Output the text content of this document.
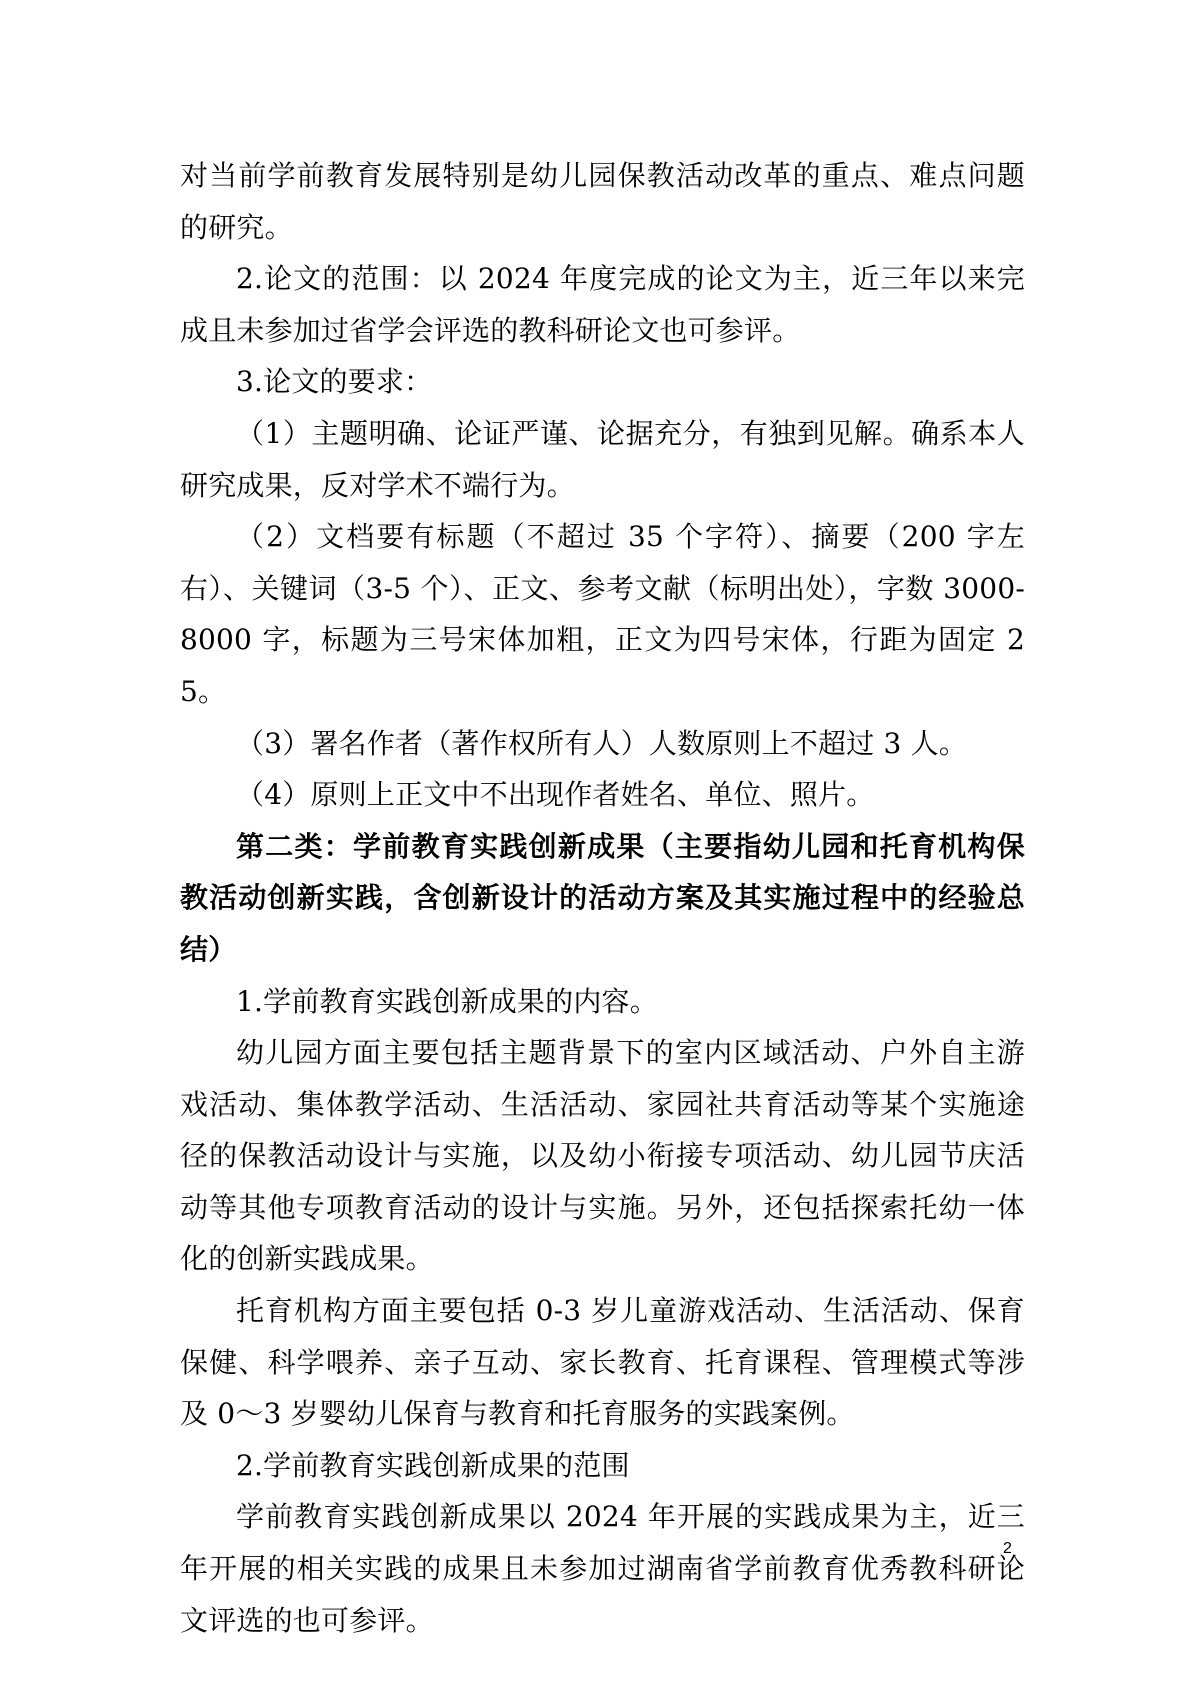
对当前学前教育发展特别是幼儿园保教活动改革的重点、难点问题的研究。

2.论文的范围：以 2024 年度完成的论文为主，近三年以来完成且未参加过省学会评选的教科研论文也可参评。

3.论文的要求：

（1）主题明确、论证严谨、论据充分，有独到见解。确系本人研究成果，反对学术不端行为。

（2）文档要有标题（不超过 35 个字符）、摘要（200 字左右）、关键词（3-5 个）、正文、参考文献（标明出处），字数 3000-8000 字，标题为三号宋体加粗，正文为四号宋体，行距为固定 25。

（3）署名作者（著作权所有人）人数原则上不超过 3 人。

（4）原则上正文中不出现作者姓名、单位、照片。

第二类：学前教育实践创新成果（主要指幼儿园和托育机构保教活动创新实践，含创新设计的活动方案及其实施过程中的经验总结）

1.学前教育实践创新成果的内容。

幼儿园方面主要包括主题背景下的室内区域活动、户外自主游戏活动、集体教学活动、生活活动、家园社共育活动等某个实施途径的保教活动设计与实施，以及幼小衔接专项活动、幼儿园节庆活动等其他专项教育活动的设计与实施。另外，还包括探索托幼一体化的创新实践成果。

托育机构方面主要包括 0-3 岁儿童游戏活动、生活活动、保育保健、科学喂养、亲子互动、家长教育、托育课程、管理模式等涉及 0～3 岁婴幼儿保育与教育和托育服务的实践案例。

2.学前教育实践创新成果的范围

学前教育实践创新成果以 2024 年开展的实践成果为主，近三年开展的相关实践的成果且未参加过湖南省学前教育优秀教科研论文评选的也可参评。

2
